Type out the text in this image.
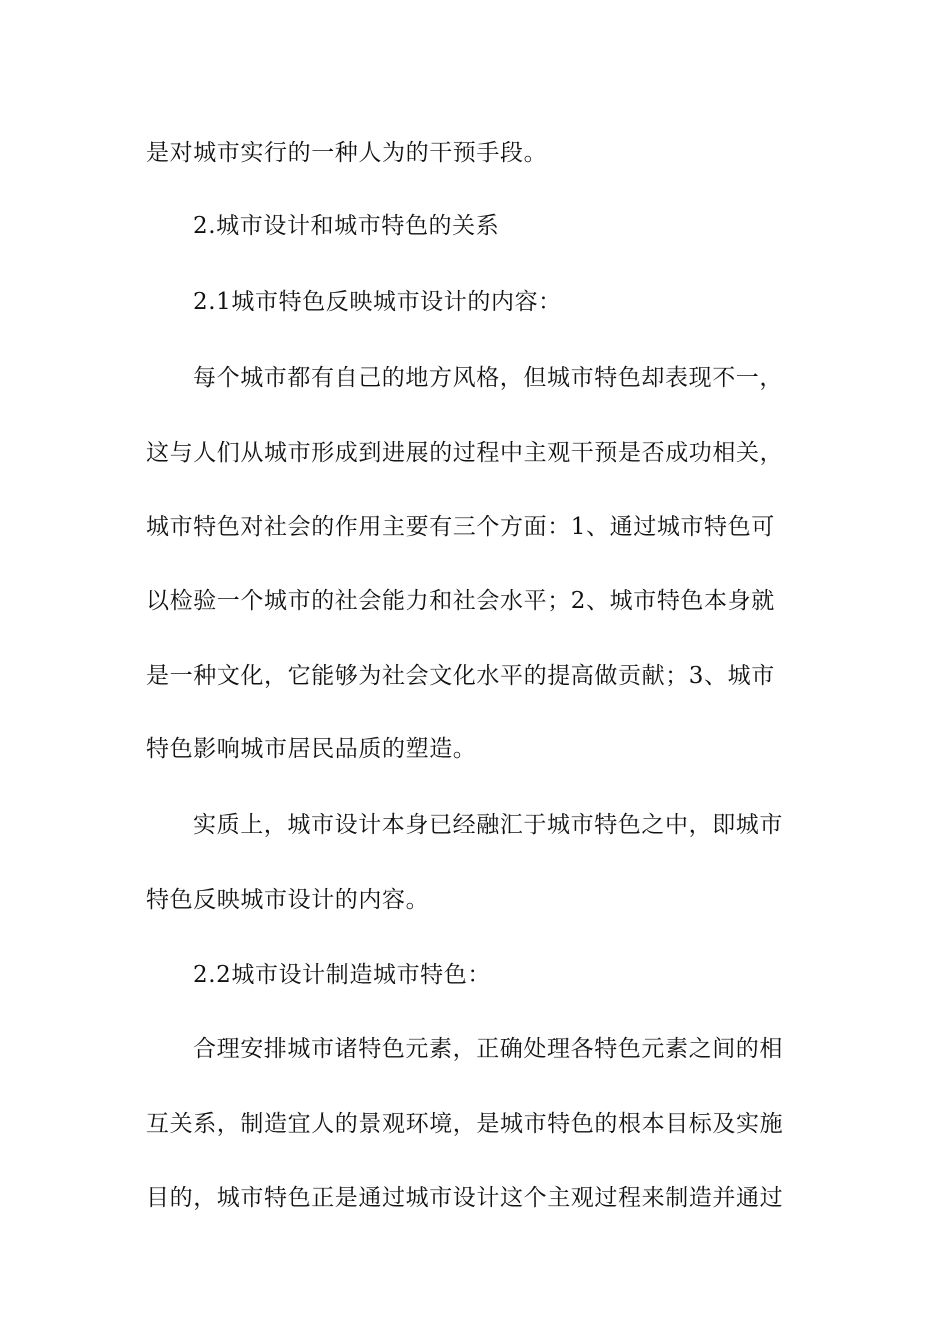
是对城市实行的一种人为的干预手段。
2.城市设计和城市特色的关系
2.1城市特色反映城市设计的内容：
每个城市都有自己的地方风格，但城市特色却表现不一，
这与人们从城市形成到进展的过程中主观干预是否成功相关，
城市特色对社会的作用主要有三个方面：1、通过城市特色可
以检验一个城市的社会能力和社会水平；2、城市特色本身就
是一种文化，它能够为社会文化水平的提高做贡献；3、城市
特色影响城市居民品质的塑造。
实质上，城市设计本身已经融汇于城市特色之中，即城市
特色反映城市设计的内容。
2.2城市设计制造城市特色：
合理安排城市诸特色元素，正确处理各特色元素之间的相
互关系，制造宜人的景观环境，是城市特色的根本目标及实施
目的，城市特色正是通过城市设计这个主观过程来制造并通过
